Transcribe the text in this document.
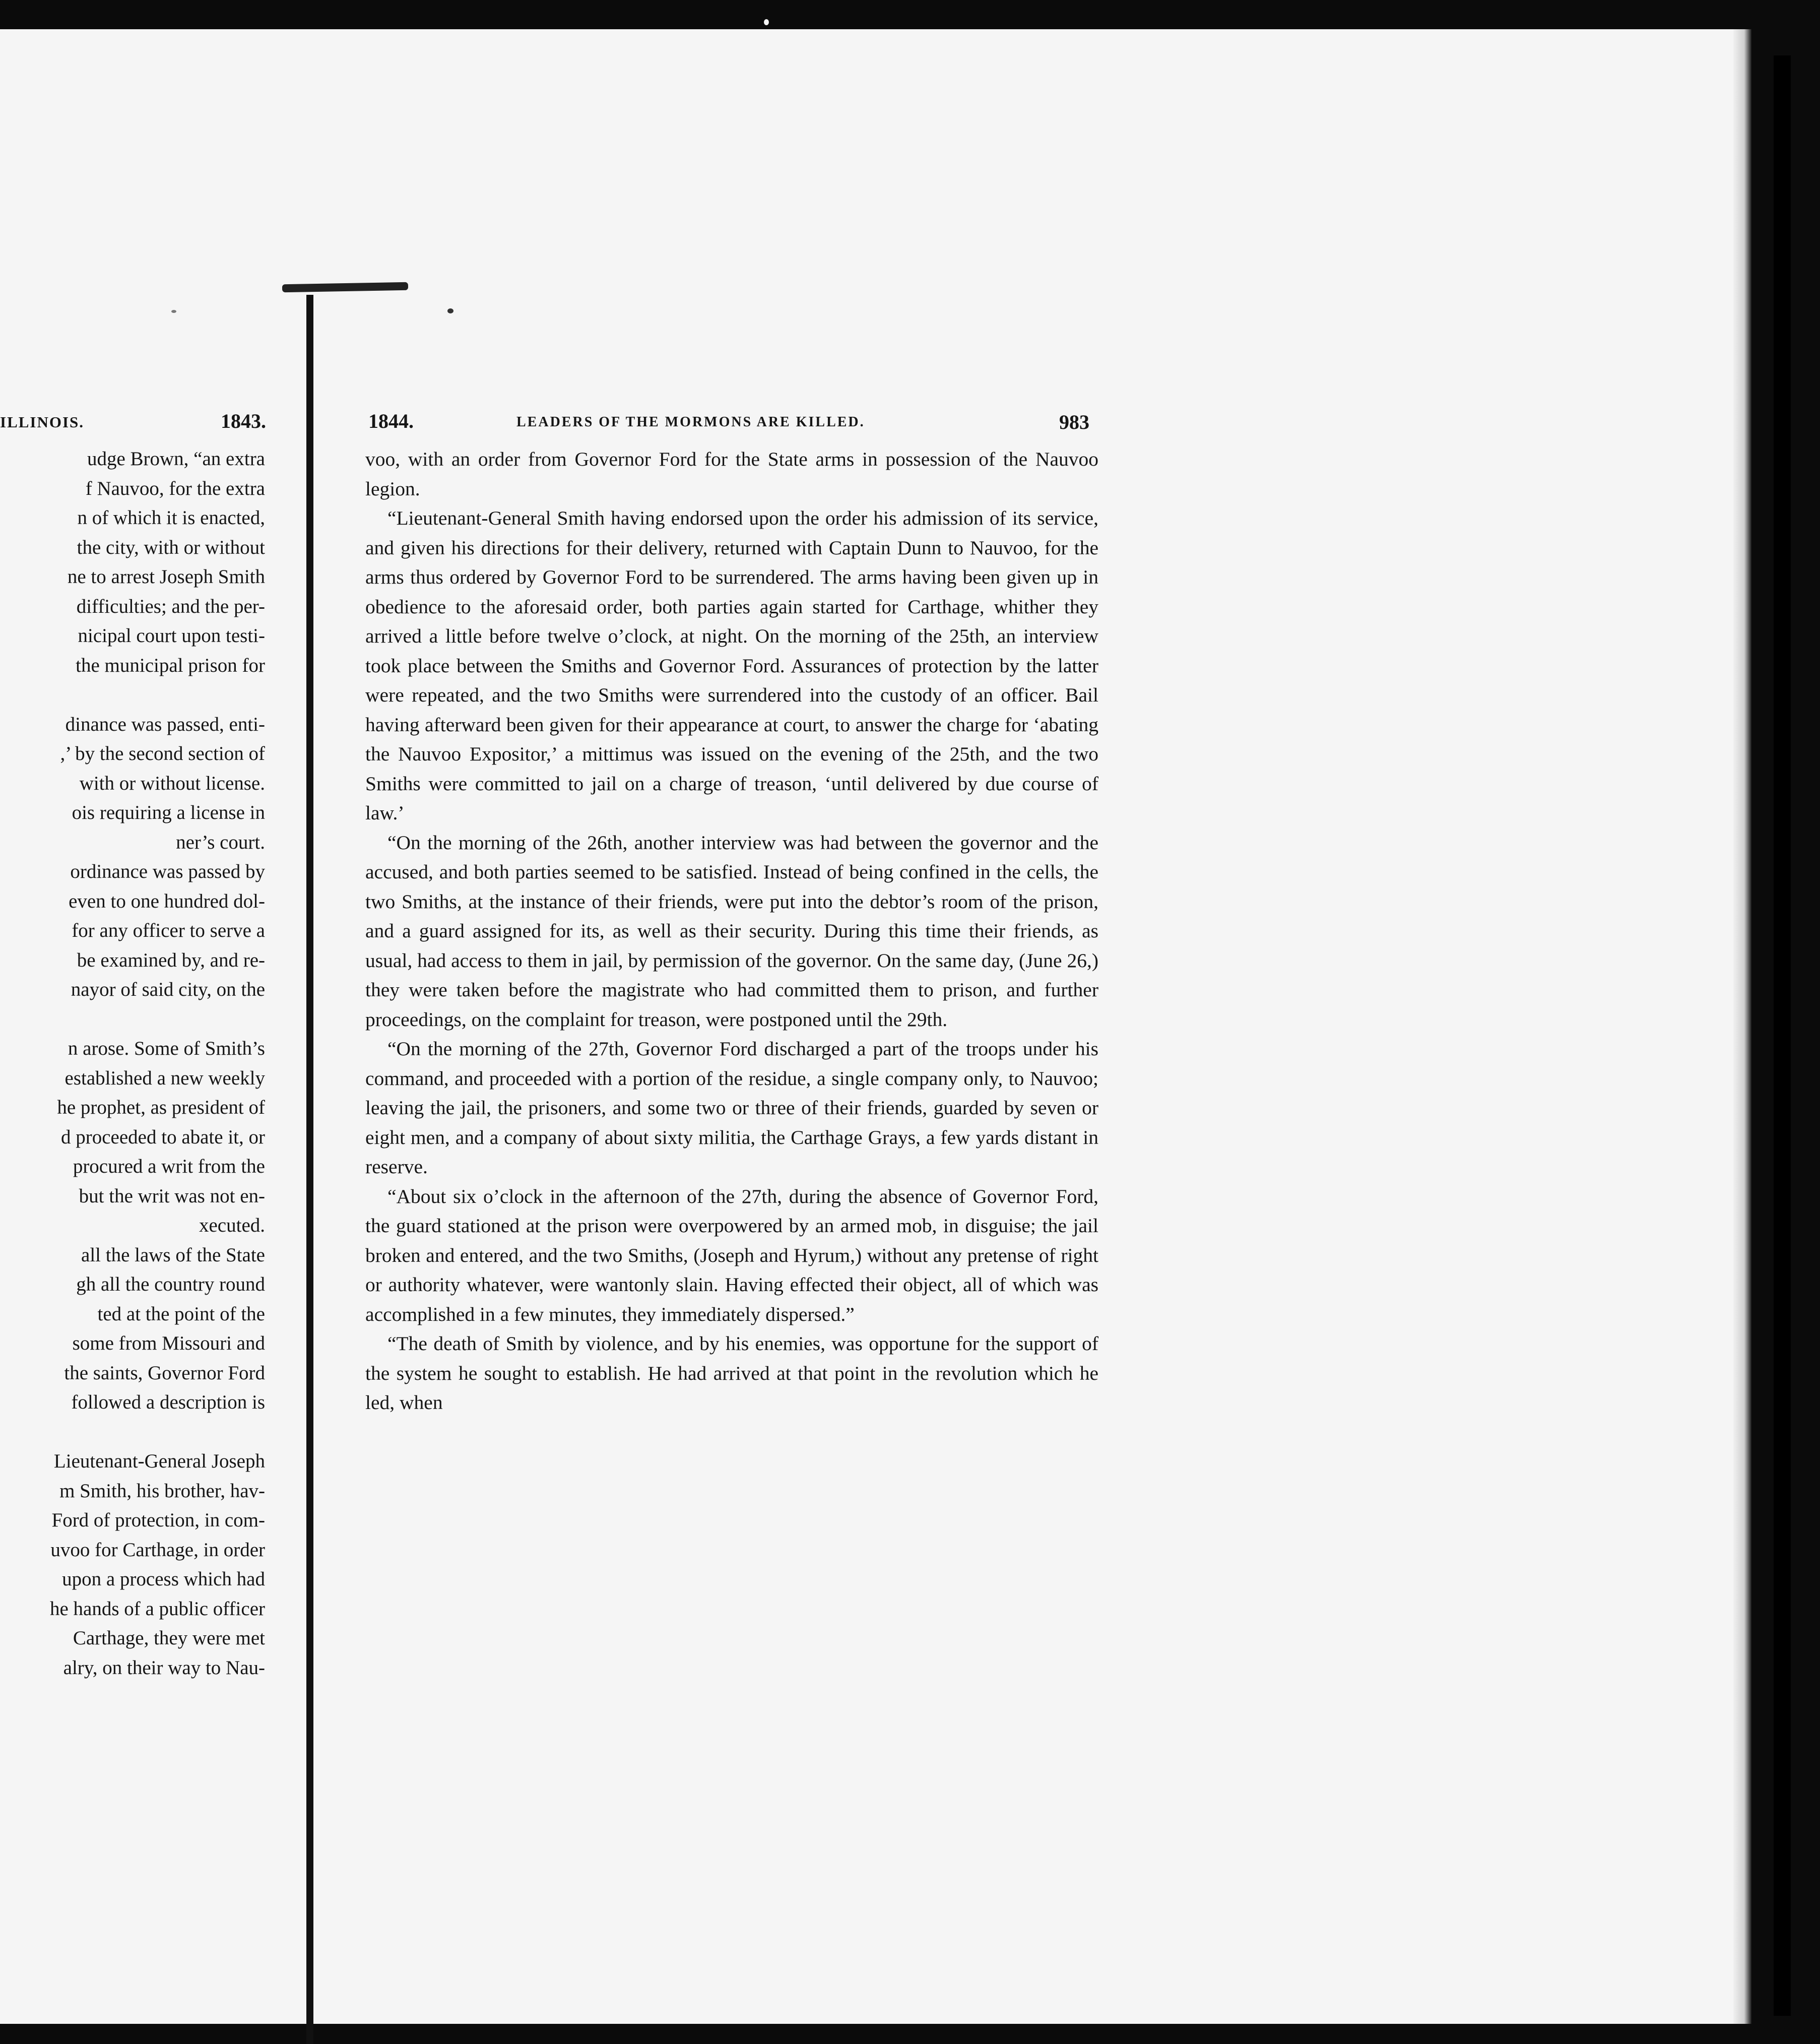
ILLINOIS.	1843.
udge Brown, “an extra
f Nauvoo, for the extra
n of which it is enacted,
the city, with or without
ne to arrest Joseph Smith
difficulties; and the per-
nicipal court upon testi-
the municipal prison for
dinance was passed, enti-
,’ by the second section of
with or without license.
ois requiring a license in
ner’s court.
ordinance was passed by
even to one hundred dol-
for any officer to serve a
be examined by, and re-
nayor of said city, on the
n arose. Some of Smith’s
established a new weekly
he prophet, as president of
d proceeded to abate it, or
procured a writ from the
but the writ was not en-
xecuted.
all the laws of the State
gh all the country round
ted at the point of the
some from Missouri and
the saints, Governor Ford
followed a description is
Lieutenant-General Joseph
m Smith, his brother, hav-
Ford of protection, in com-
uvoo for Carthage, in order
upon a process which had
he hands of a public officer
Carthage, they were met
alry, on their way to Nau-
1844.	LEADERS OF THE MORMONS ARE KILLED.	983

voo, with an order from Governor Ford for the State arms in possession of the Nauvoo legion.

“Lieutenant-General Smith having endorsed upon the order his admission of its service, and given his directions for their delivery, returned with Captain Dunn to Nauvoo, for the arms thus ordered by Governor Ford to be surrendered. The arms having been given up in obedience to the aforesaid order, both parties again started for Carthage, whither they arrived a little before twelve o’clock, at night. On the morning of the 25th, an interview took place between the Smiths and Governor Ford. Assurances of protection by the latter were repeated, and the two Smiths were surrendered into the custody of an officer. Bail having afterward been given for their appearance at court, to answer the charge for ‘abating the Nauvoo Expositor,’ a mittimus was issued on the evening of the 25th, and the two Smiths were committed to jail on a charge of treason, ‘until delivered by due course of law.’

“On the morning of the 26th, another interview was had between the governor and the accused, and both parties seemed to be satisfied. Instead of being confined in the cells, the two Smiths, at the instance of their friends, were put into the debtor’s room of the prison, and a guard assigned for its, as well as their security. During this time their friends, as usual, had access to them in jail, by permission of the governor. On the same day, (June 26,) they were taken before the magistrate who had committed them to prison, and further proceedings, on the complaint for treason, were postponed until the 29th.

“On the morning of the 27th, Governor Ford discharged a part of the troops under his command, and proceeded with a portion of the residue, a single company only, to Nauvoo; leaving the jail, the prisoners, and some two or three of their friends, guarded by seven or eight men, and a company of about sixty militia, the Carthage Grays, a few yards distant in reserve.

“About six o’clock in the afternoon of the 27th, during the absence of Governor Ford, the guard stationed at the prison were overpowered by an armed mob, in disguise; the jail broken and entered, and the two Smiths, (Joseph and Hyrum,) without any pretense of right or authority whatever, were wantonly slain. Having effected their object, all of which was accomplished in a few minutes, they immediately dispersed.”

“The death of Smith by violence, and by his enemies, was opportune for the support of the system he sought to establish. He had arrived at that point in the revolution which he led, when
